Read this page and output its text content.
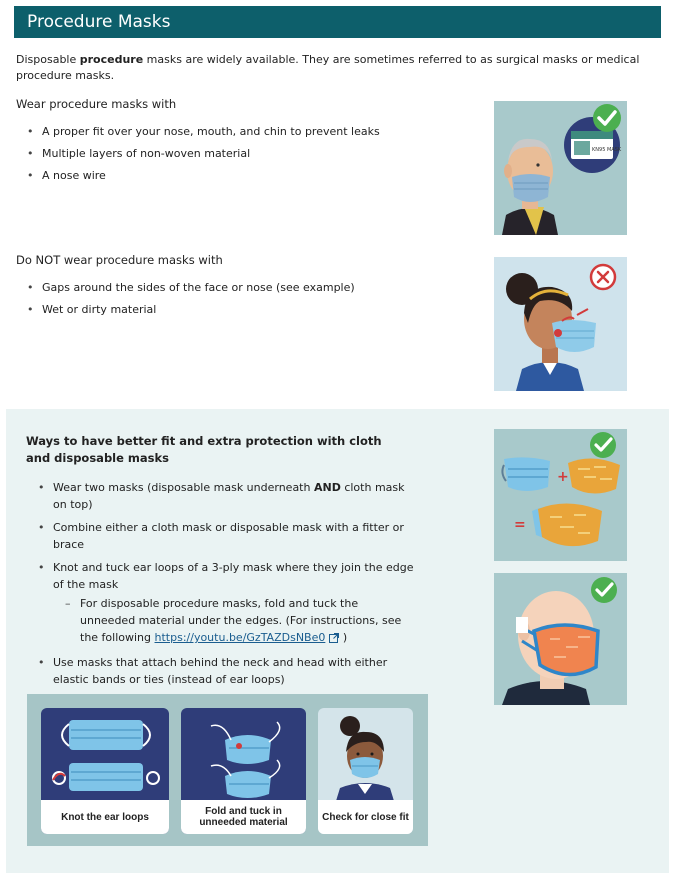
Procedure Masks

Disposable procedure masks are widely available. They are sometimes referred to as surgical masks or medical procedure masks.

Wear procedure masks with
• A proper fit over your nose, mouth, and chin to prevent leaks
• Multiple layers of non-woven material
• A nose wire
KN95 MASK
Do NOT wear procedure masks with
• Gaps around the sides of the face or nose (see example)
• Wet or dirty material
Ways to have better fit and extra protection with cloth and disposable masks
• Wear two masks (disposable mask underneath AND cloth mask on top)
• Combine either a cloth mask or disposable mask with a fitter or brace
• Knot and tuck ear loops of a 3-ply mask where they join the edge of the mask
– For disposable procedure masks, fold and tuck the unneeded material under the edges. (For instructions, see the following https://youtu.be/GzTAZDsNBe0 )
• Use masks that attach behind the neck and head with either elastic bands or ties (instead of ear loops)
+
=
Knot the ear loops	Fold and tuck in
unneeded material	Check for close fit
